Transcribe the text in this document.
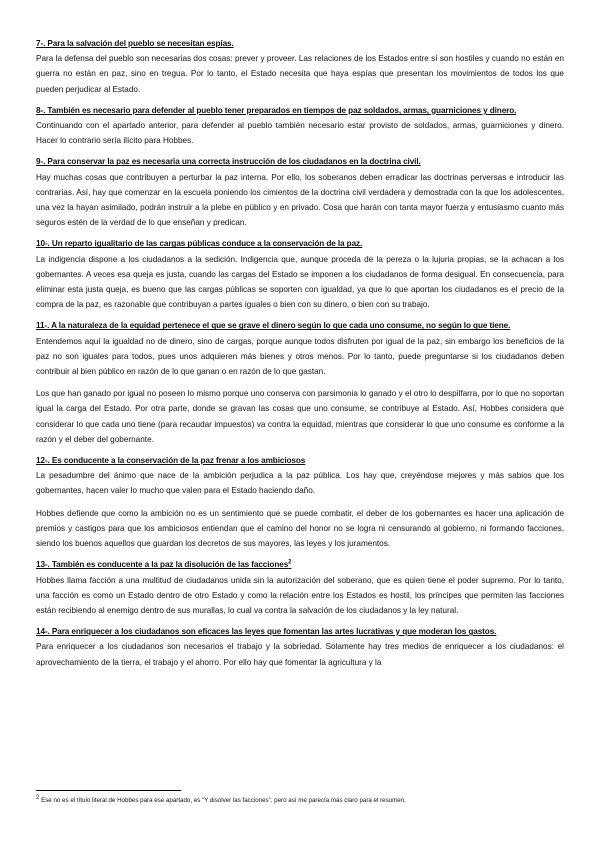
7-. Para la salvación del pueblo se necesitan espías.

Para la defensa del pueblo son necesarias dos cosas: prever y proveer. Las relaciones de los Estados entre sí son hostiles y cuando no están en guerra no están en paz, sino en tregua. Por lo tanto, el Estado necesita que haya espías que presentan los movimientos de todos los que pueden perjudicar al Estado.

8-. También es necesario para defender al pueblo tener preparados en tiempos de paz soldados, armas, guarniciones y dinero.

Continuando con el apartado anterior, para defender al pueblo también necesario estar provisto de soldados, armas, guarniciones y dinero. Hacer lo contrario sería ilícito para Hobbes.

9-. Para conservar la paz es necesaria una correcta instrucción de los ciudadanos en la doctrina civil.

Hay muchas cosas que contribuyen a perturbar la paz interna. Por ello, los soberanos deben erradicar las doctrinas perversas e introducir las contrarias. Así, hay que comenzar en la escuela poniendo los cimientos de la doctrina civil verdadera y demostrada con la que los adolescentes, una vez la hayan asimilado, podrán instruir a la plebe en público y en privado. Cosa que harán con tanta mayor fuerza y entusiasmo cuanto más seguros estén de la verdad de lo que enseñan y predican.

10-. Un reparto igualitario de las cargas públicas conduce a la conservación de la paz.

La indigencia dispone a los ciudadanos a la sedición. Indigencia que, aunque proceda de la pereza o la lujuria propias, se la achacan a los gobernantes. A veces esa queja es justa, cuando las cargas del Estado se imponen a los ciudadanos de forma desigual. En consecuencia, para eliminar esta justa queja, es bueno que las cargas públicas se soporten con igualdad, ya que lo que aportan los ciudadanos es el precio de la compra de la paz, es razonable que contribuyan a partes iguales o bien con su dinero, o bien con su trabajo.

11-. A la naturaleza de la equidad pertenece el que se grave el dinero según lo que cada uno consume, no según lo que tiene.

Entendemos aquí la igualdad no de dinero, sino de cargas, porque aunque todos disfruten por igual de la paz, sin embargo los beneficios de la paz no son iguales para todos, pues unos adquieren más bienes y otros menos. Por lo tanto, puede preguntarse si los ciudadanos deben contribuir al bien público en razón de lo que ganan o en razón de lo que gastan.

Los que han ganado por igual no poseen lo mismo porque uno conserva con parsimonia lo ganado y el otro lo despilfarra, por lo que no soportan igual la carga del Estado. Por otra parte, donde se gravan las cosas que uno consume, se contribuye al Estado. Así, Hobbes considera que considerar lo que cada uno tiene (para recaudar impuestos) va contra la equidad, mientras que considerar lo que uno consume es conforme a la razón y el deber del gobernante.

12-. Es conducente a la conservación de la paz frenar a los ambiciosos

La pesadumbre del ánimo que nace de la ambición perjudica a la paz pública. Los hay que, creyéndose mejores y más sabios que los gobernantes, hacen valer lo mucho que valen para el Estado haciendo daño.

Hobbes defiende que como la ambición no es un sentimiento que se puede combatir, el deber de los gobernantes es hacer una aplicación de premios y castigos para que los ambiciosos entiendan que el camino del honor no se logra ni censurando al gobierno, ni formando facciones, siendo los buenos aquellos que guardan los decretos de sus mayores, las leyes y los juramentos.

13-. También es conducente a la paz la disolución de las facciones$^2$

Hobbes llama facción a una multitud de ciudadanos unida sin la autorización del soberano, que es quien tiene el poder supremo. Por lo tanto, una facción es como un Estado dentro de otro Estado y como la relación entre los Estados es hostil, los príncipes que permiten las facciones están recibiendo al enemigo dentro de sus murallas, lo cual va contra la salvación de los ciudadanos y la ley natural.

14-. Para enriquecer a los ciudadanos son eficaces las leyes que fomentan las artes lucrativas y que moderan los gastos.

Para enriquecer a los ciudadanos son necesarios el trabajo y la sobriedad. Solamente hay tres medios de enriquecer a los ciudadanos: el aprovechamiento de la tierra, el trabajo y el ahorro. Por ello hay que fomentar la agricultura y la

$^2$ Ese no es el título literal de Hobbes para ese apartado, es “Y disolver las facciones”, pero así me parecía más claro para el resumen.
